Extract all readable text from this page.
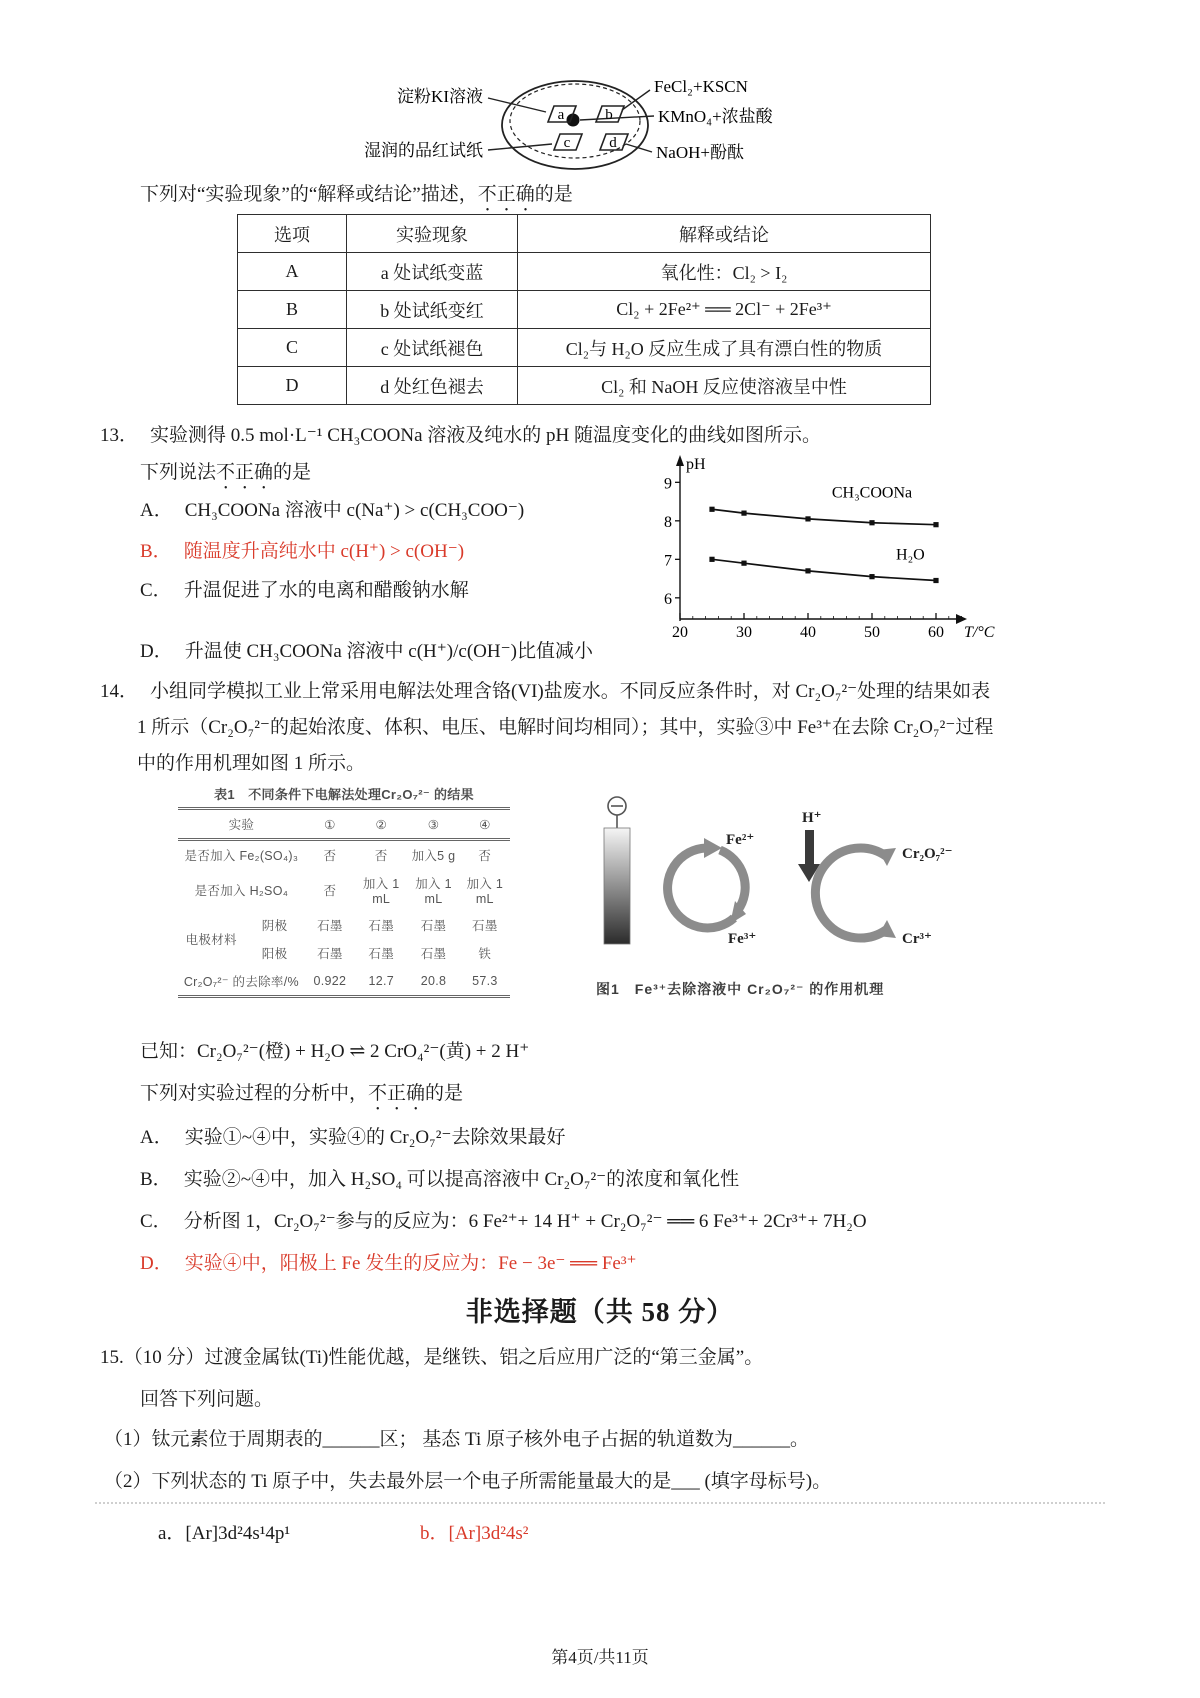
a	b
c	d
淀粉KI溶液
FeCl₂+KSCN
KMnO₄+浓盐酸
湿润的品红试纸	NaOH+酚酞
下列对“实验现象”的“解释或结论”描述，不正确的是
选项	实验现象	解释或结论
A	a 处试纸变蓝	氧化性：Cl₂ > I₂
B	b 处试纸变红	Cl₂ + 2Fe²⁺ ══ 2Cl⁻ + 2Fe³⁺
C	c 处试纸褪色	Cl₂与 H₂O 反应生成了具有漂白性的物质
D	d 处红色褪去	Cl₂ 和 NaOH 反应使溶液呈中性
13． 实验测得 0.5 mol·L⁻¹ CH₃COONa 溶液及纯水的 pH 随温度变化的曲线如图所示。
下列说法不正确的是
A． CH₃COONa 溶液中 c(Na⁺) > c(CH₃COO⁻)
B． 随温度升高纯水中 c(H⁺) > c(OH⁻)
C． 升温促进了水的电离和醋酸钠水解
D． 升温使 CH₃COONa 溶液中 c(H⁺)/c(OH⁻)比值减小
6
7
8
9
20	30	40	50	60
pH
T/°C
CH₃COONa
H₂O
14． 小组同学模拟工业上常采用电解法处理含铬(VI)盐废水。不同反应条件时，对 Cr₂O₇²⁻处理的结果如表
1 所示（Cr₂O₇²⁻的起始浓度、体积、电压、电解时间均相同）；其中，实验③中 Fe³⁺在去除 Cr₂O₇²⁻过程
中的作用机理如图 1 所示。
表1　不同条件下电解法处理Cr₂O₇²⁻ 的结果
实验		①	②	③	④
是否加入 Fe₂(SO₄)₃		否	否	加入5 g	否
是否加入 H₂SO₄		否	加入 1 mL	加入 1 mL	加入 1 mL
电极材料	阴极	石墨	石墨	石墨	石墨
	阳极	石墨	石墨	石墨	铁
Cr₂O₇²⁻ 的去除率/%		0.922	12.7	20.8	57.3
Fe²⁺
Fe³⁺
H⁺
Cr₂O₇²⁻
Cr³⁺
图1　Fe³⁺去除溶液中 Cr₂O₇²⁻ 的作用机理
已知：Cr₂O₇²⁻(橙) + H₂O ⇌ 2 CrO₄²⁻(黄) + 2 H⁺
下列对实验过程的分析中，不正确的是
A． 实验①~④中，实验④的 Cr₂O₇²⁻去除效果最好
B． 实验②~④中，加入 H₂SO₄ 可以提高溶液中 Cr₂O₇²⁻的浓度和氧化性
C． 分析图 1，Cr₂O₇²⁻参与的反应为：6 Fe²⁺+ 14 H⁺ + Cr₂O₇²⁻ ══ 6 Fe³⁺+ 2Cr³⁺+ 7H₂O
D． 实验④中，阳极上 Fe 发生的反应为：Fe − 3e⁻ ══ Fe³⁺
非选择题（共 58 分）
15.（10 分）过渡金属钛(Ti)性能优越，是继铁、铝之后应用广泛的“第三金属”。
回答下列问题。
（1）钛元素位于周期表的______区； 基态 Ti 原子核外电子占据的轨道数为______。
（2）下列状态的 Ti 原子中，失去最外层一个电子所需能量最大的是___ (填字母标号)。
a．[Ar]3d²4s¹4p¹	b．[Ar]3d²4s²
第4页/共11页
